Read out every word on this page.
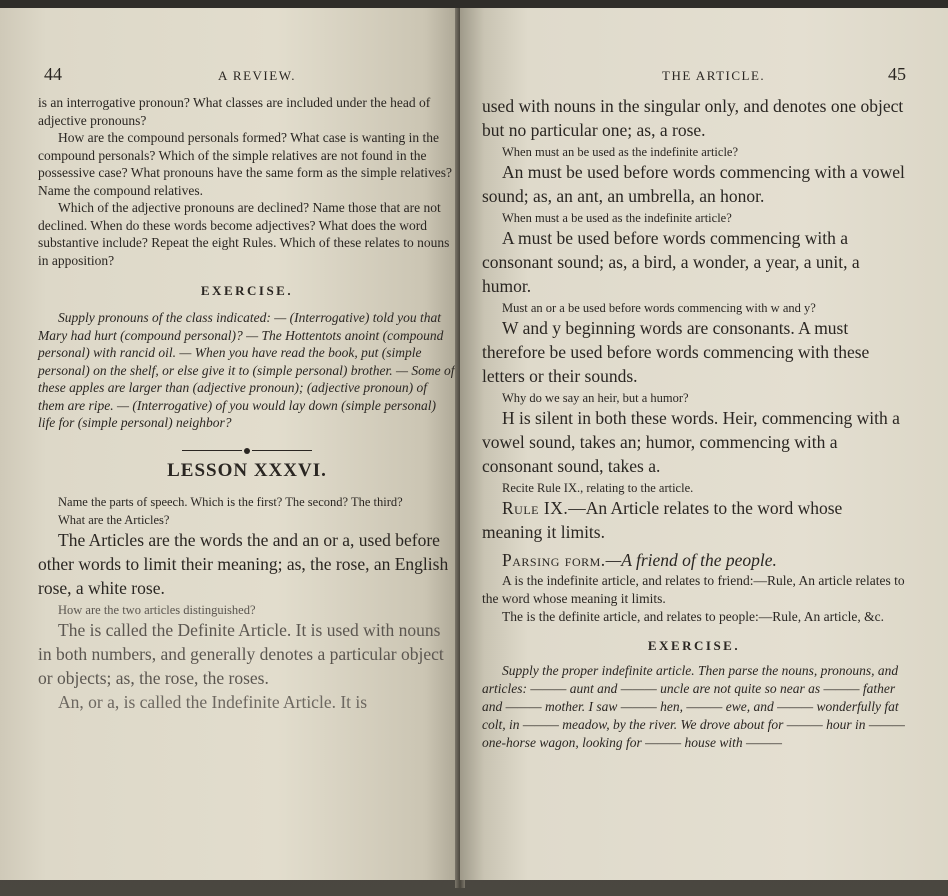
44	A REVIEW.

is an interrogative pronoun? What classes are included under the head of adjective pronouns?

How are the compound personals formed? What case is wanting in the compound personals? Which of the simple relatives are not found in the possessive case? What pronouns have the same form as the simple relatives? Name the compound relatives.

Which of the adjective pronouns are declined? Name those that are not declined. When do these words become adjectives? What does the word substantive include? Repeat the eight Rules. Which of these relates to nouns in apposition?

EXERCISE.

Supply pronouns of the class indicated: — (Interrogative) told you that Mary had hurt (compound personal)? — The Hottentots anoint (compound personal) with rancid oil. — When you have read the book, put (simple personal) on the shelf, or else give it to (simple personal) brother. — Some of these apples are larger than (adjective pronoun); (adjective pronoun) of them are ripe. — (Interrogative) of you would lay down (simple personal) life for (simple personal) neighbor?

LESSON XXXVI.

Name the parts of speech. Which is the first? The second? The third?

What are the Articles?

The Articles are the words the and an or a, used before other words to limit their meaning; as, the rose, an English rose, a white rose.

How are the two articles distinguished?

The is called the Definite Article. It is used with nouns in both numbers, and generally denotes a particular object or objects; as, the rose, the roses.

An, or a, is called the Indefinite Article. It is

THE ARTICLE.	45

used with nouns in the singular only, and denotes one object but no particular one; as, a rose.

When must an be used as the indefinite article?

An must be used before words commencing with a vowel sound; as, an ant, an umbrella, an honor.

When must a be used as the indefinite article?

A must be used before words commencing with a consonant sound; as, a bird, a wonder, a year, a unit, a humor.

Must an or a be used before words commencing with w and y?

W and y beginning words are consonants. A must therefore be used before words commencing with these letters or their sounds.

Why do we say an heir, but a humor?

H is silent in both these words. Heir, commencing with a vowel sound, takes an; humor, commencing with a consonant sound, takes a.

Recite Rule IX., relating to the article.

Rule IX.—An Article relates to the word whose meaning it limits.

Parsing form.—A friend of the people.

A is the indefinite article, and relates to friend:—Rule, An article relates to the word whose meaning it limits.

The is the definite article, and relates to people:—Rule, An article, &c.

EXERCISE.

Supply the proper indefinite article. Then parse the nouns, pronouns, and articles: ——— aunt and ——— uncle are not quite so near as ——— father and ——— mother. I saw ——— hen, ——— ewe, and ——— wonderfully fat colt, in ——— meadow, by the river. We drove about for ——— hour in ——— one-horse wagon, looking for ——— house with ———
